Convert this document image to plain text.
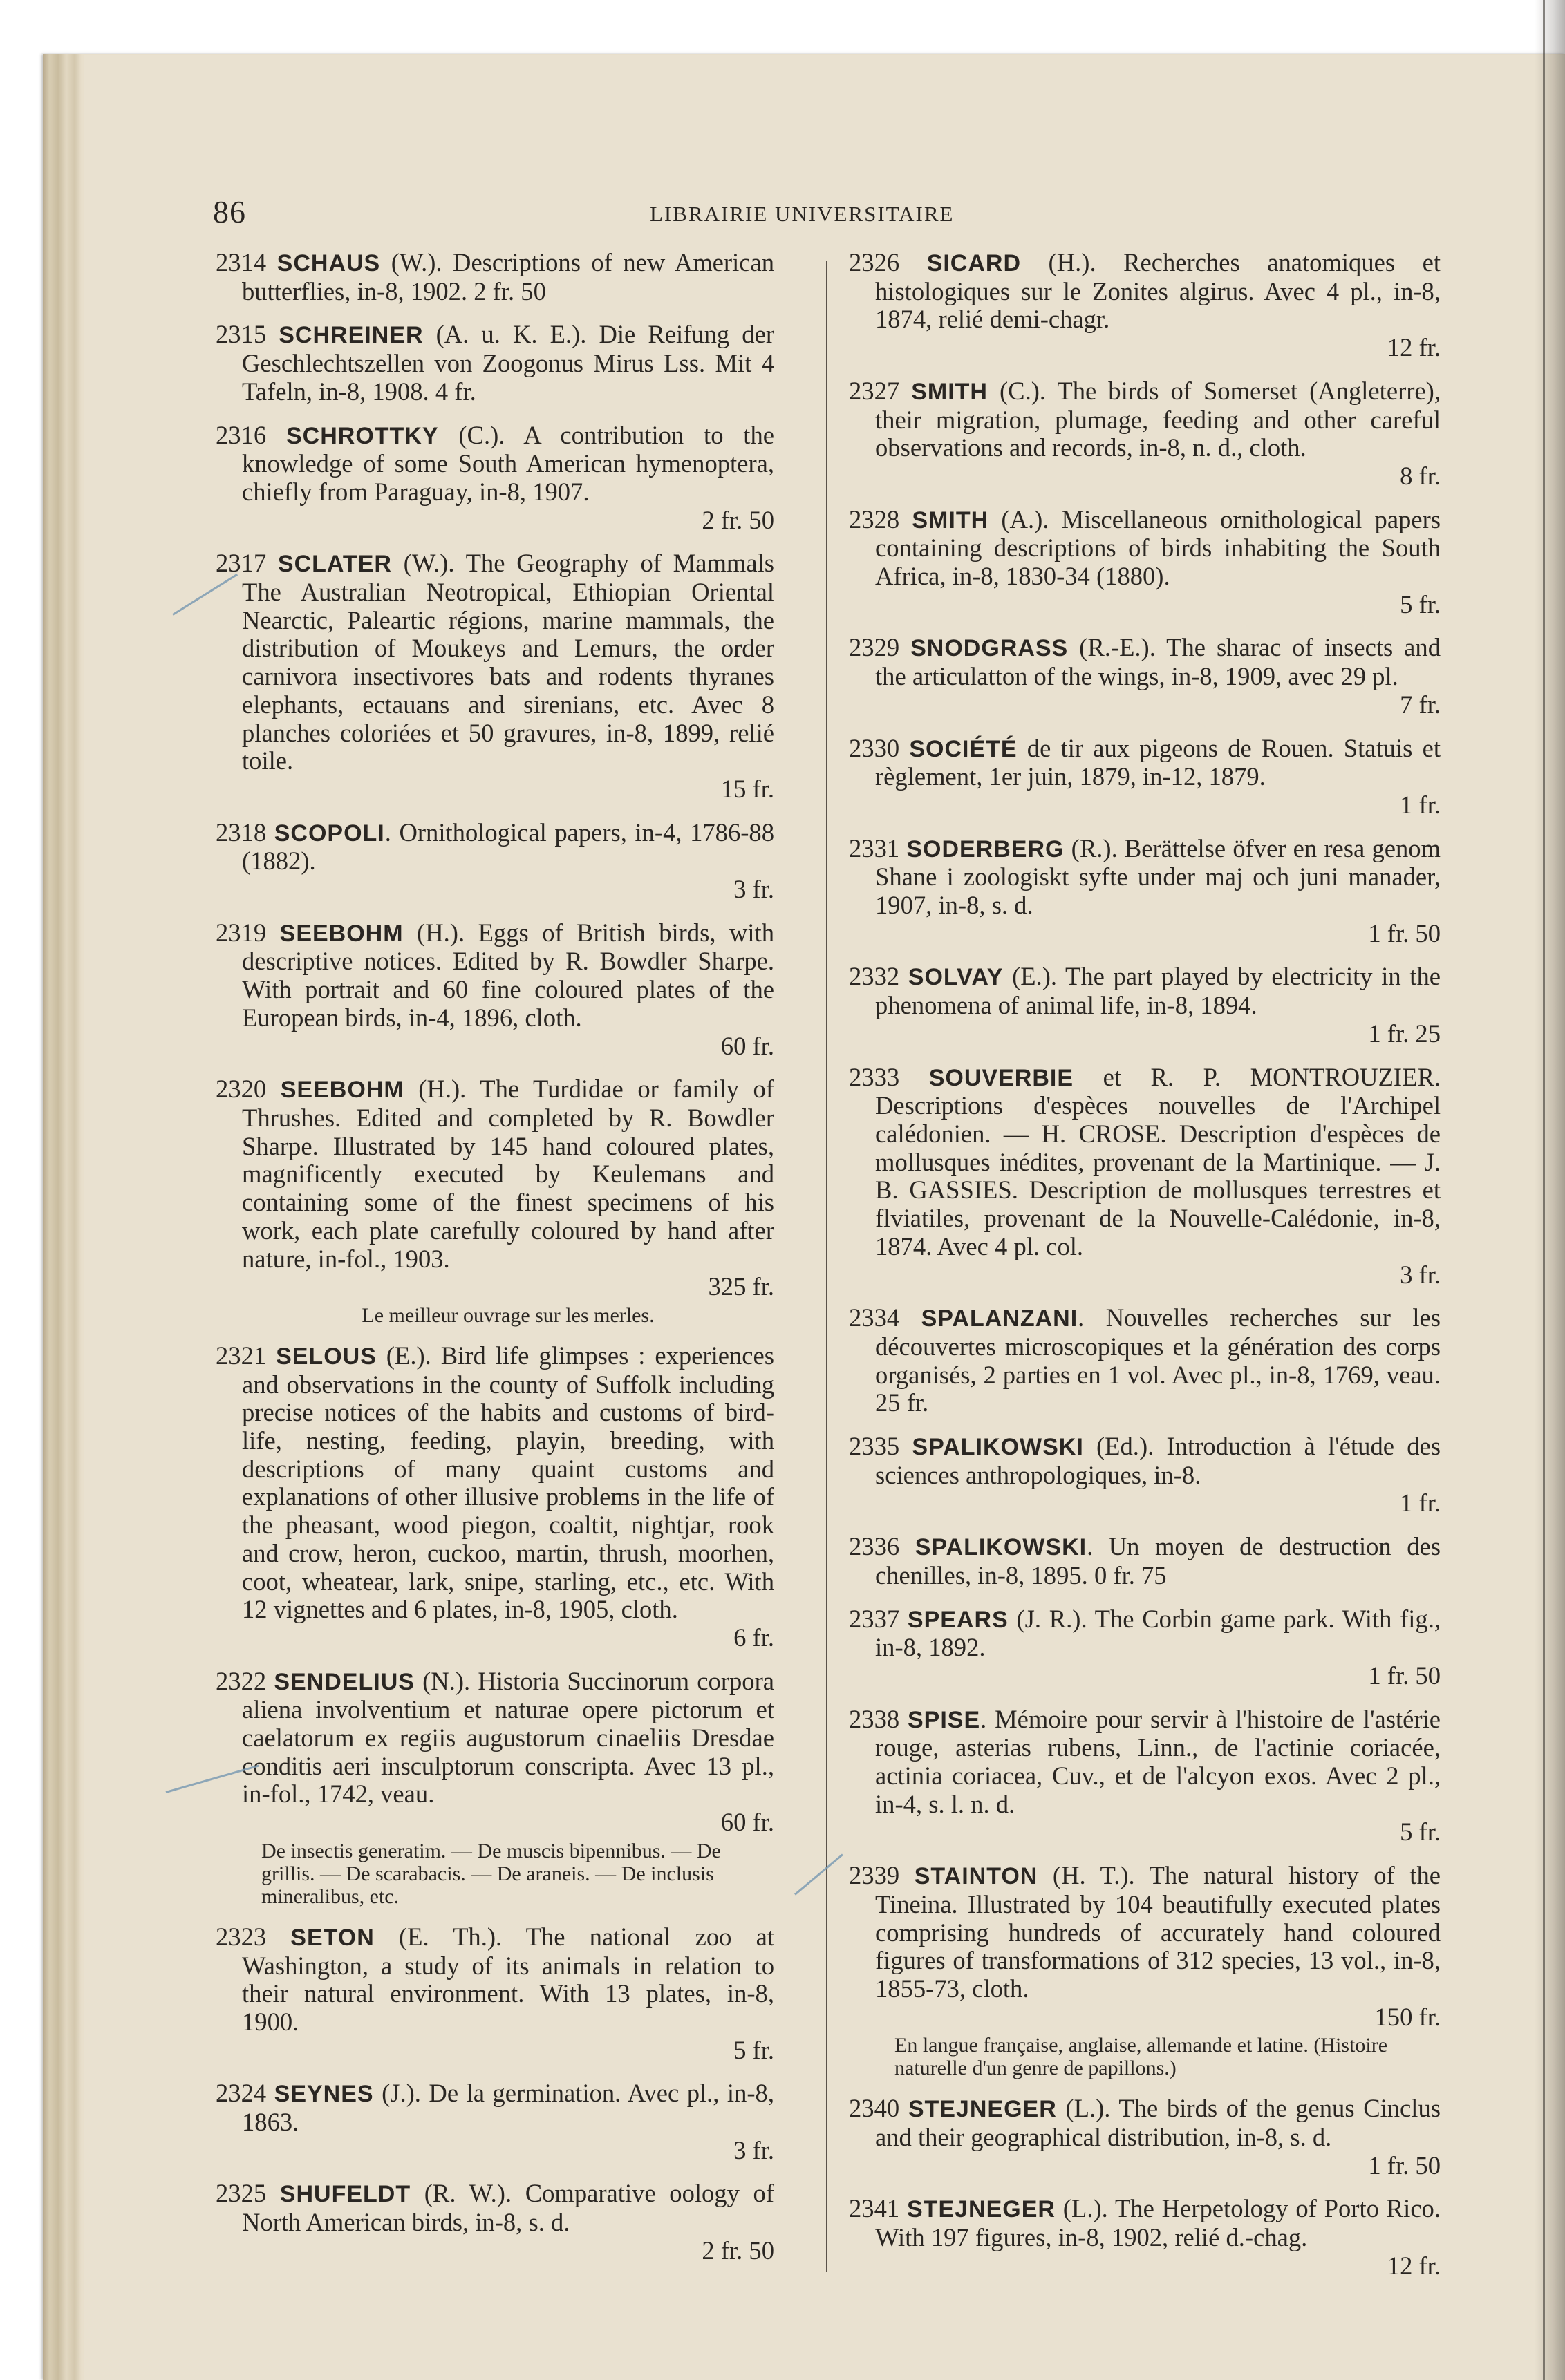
86	LIBRAIRIE UNIVERSITAIRE
2314 SCHAUS (W.). Descriptions of new American butterflies, in-8, 1902. 2 fr. 50
2315 SCHREINER (A. u. K. E.). Die Reifung der Geschlechtszellen von Zoogonus Mirus Lss. Mit 4 Tafeln, in-8, 1908. 4 fr.
2316 SCHROTTKY (C.). A contribution to the knowledge of some South American hymenoptera, chiefly from Paraguay, in-8, 1907.
2 fr. 50
2317 SCLATER (W.). The Geography of Mammals The Australian Neotropical, Ethiopian Oriental Nearctic, Paleartic régions, marine mammals, the distribution of Moukeys and Lemurs, the order carnivora insectivores bats and rodents thyranes elephants, ectauans and sirenians, etc. Avec 8 planches coloriées et 50 gravures, in-8, 1899, relié toile.
15 fr.
2318 SCOPOLI. Ornithological papers, in-4, 1786-88 (1882).
3 fr.
2319 SEEBOHM (H.). Eggs of British birds, with descriptive notices. Edited by R. Bowdler Sharpe. With portrait and 60 fine coloured plates of the European birds, in-4, 1896, cloth.
60 fr.
2320 SEEBOHM (H.). The Turdidae or family of Thrushes. Edited and completed by R. Bowdler Sharpe. Illustrated by 145 hand coloured plates, magnificently executed by Keulemans and containing some of the finest specimens of his work, each plate carefully coloured by hand after nature, in-fol., 1903.
325 fr.
Le meilleur ouvrage sur les merles.
2321 SELOUS (E.). Bird life glimpses : experiences and observations in the county of Suffolk including precise notices of the habits and customs of bird-life, nesting, feeding, playin, breeding, with descriptions of many quaint customs and explanations of other illusive problems in the life of the pheasant, wood piegon, coaltit, nightjar, rook and crow, heron, cuckoo, martin, thrush, moorhen, coot, wheatear, lark, snipe, starling, etc., etc. With 12 vignettes and 6 plates, in-8, 1905, cloth.
6 fr.
2322 SENDELIUS (N.). Historia Succinorum corpora aliena involventium et naturae opere pictorum et caelatorum ex regiis augustorum cinaeliis Dresdae conditis aeri insculptorum conscripta. Avec 13 pl., in-fol., 1742, veau.
60 fr.
De insectis generatim. — De muscis bipennibus. — De grillis. — De scarabacis. — De araneis. — De inclusis mineralibus, etc.
2323 SETON (E. Th.). The national zoo at Washington, a study of its animals in relation to their natural environment. With 13 plates, in-8, 1900.
5 fr.
2324 SEYNES (J.). De la germination. Avec pl., in-8, 1863.
3 fr.
2325 SHUFELDT (R. W.). Comparative oology of North American birds, in-8, s. d.
2 fr. 50
2326 SICARD (H.). Recherches anatomiques et histologiques sur le Zonites algirus. Avec 4 pl., in-8, 1874, relié demi-chagr.
12 fr.
2327 SMITH (C.). The birds of Somerset (Angleterre), their migration, plumage, feeding and other careful observations and records, in-8, n. d., cloth.
8 fr.
2328 SMITH (A.). Miscellaneous ornithological papers containing descriptions of birds inhabiting the South Africa, in-8, 1830-34 (1880).
5 fr.
2329 SNODGRASS (R.-E.). The sharac of insects and the articulatton of the wings, in-8, 1909, avec 29 pl.
7 fr.
2330 SOCIÉTÉ de tir aux pigeons de Rouen. Statuis et règlement, 1er juin, 1879, in-12, 1879.
1 fr.
2331 SODERBERG (R.). Berättelse öfver en resa genom Shane i zoologiskt syfte under maj och juni manader, 1907, in-8, s. d.
1 fr. 50
2332 SOLVAY (E.). The part played by electricity in the phenomena of animal life, in-8, 1894.
1 fr. 25
2333 SOUVERBIE et R. P. MONTROUZIER. Descriptions d'espèces nouvelles de l'Archipel calédonien. — H. CROSE. Description d'espèces de mollusques inédites, provenant de la Martinique. — J. B. GASSIES. Description de mollusques terrestres et flviatiles, provenant de la Nouvelle-Calédonie, in-8, 1874. Avec 4 pl. col.
3 fr.
2334 SPALANZANI. Nouvelles recherches sur les découvertes microscopiques et la génération des corps organisés, 2 parties en 1 vol. Avec pl., in-8, 1769, veau. 25 fr.
2335 SPALIKOWSKI (Ed.). Introduction à l'étude des sciences anthropologiques, in-8.
1 fr.
2336 SPALIKOWSKI. Un moyen de destruction des chenilles, in-8, 1895. 0 fr. 75
2337 SPEARS (J. R.). The Corbin game park. With fig., in-8, 1892.
1 fr. 50
2338 SPISE. Mémoire pour servir à l'histoire de l'astérie rouge, asterias rubens, Linn., de l'actinie coriacée, actinia coriacea, Cuv., et de l'alcyon exos. Avec 2 pl., in-4, s. l. n. d.
5 fr.
2339 STAINTON (H. T.). The natural history of the Tineina. Illustrated by 104 beautifully executed plates comprising hundreds of accurately hand coloured figures of transformations of 312 species, 13 vol., in-8, 1855-73, cloth.
150 fr.
En langue française, anglaise, allemande et latine. (Histoire naturelle d'un genre de papillons.)
2340 STEJNEGER (L.). The birds of the genus Cinclus and their geographical distribution, in-8, s. d.
1 fr. 50
2341 STEJNEGER (L.). The Herpetology of Porto Rico. With 197 figures, in-8, 1902, relié d.-chag.
12 fr.
